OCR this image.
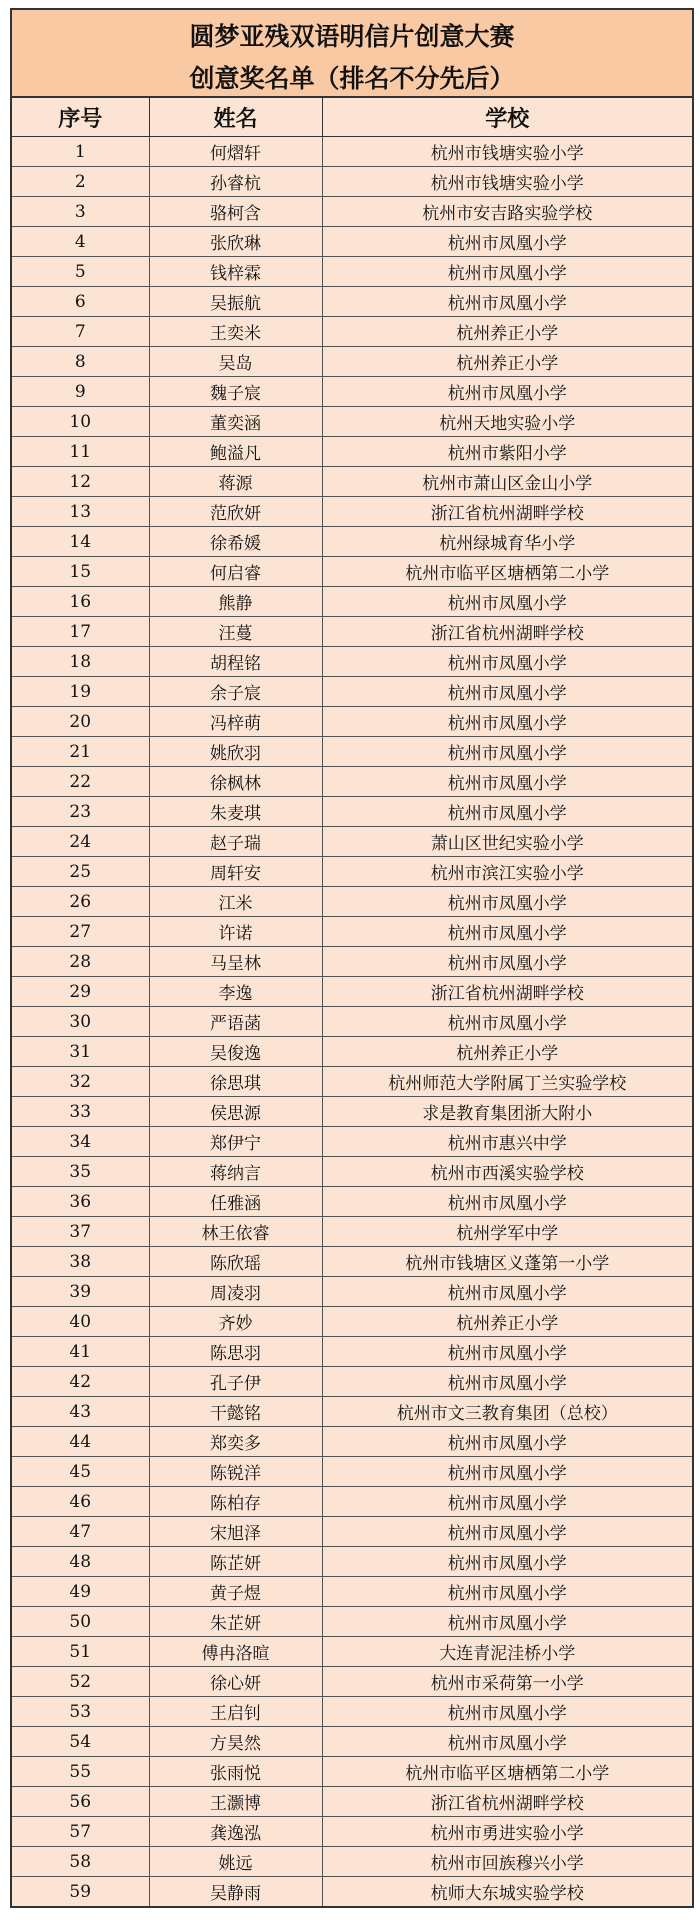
圆梦亚残双语明信片创意大赛
创意奖名单（排名不分先后）
序号	姓名	学校
1	何熠轩	杭州市钱塘实验小学
2	孙睿杭	杭州市钱塘实验小学
3	骆柯含	杭州市安吉路实验学校
4	张欣琳	杭州市凤凰小学
5	钱梓霖	杭州市凤凰小学
6	吴振航	杭州市凤凰小学
7	王奕米	杭州养正小学
8	吴岛	杭州养正小学
9	魏子宸	杭州市凤凰小学
10	董奕涵	杭州天地实验小学
11	鲍溢凡	杭州市紫阳小学
12	蒋源	杭州市萧山区金山小学
13	范欣妍	浙江省杭州湖畔学校
14	徐希媛	杭州绿城育华小学
15	何启睿	杭州市临平区塘栖第二小学
16	熊静	杭州市凤凰小学
17	汪蔓	浙江省杭州湖畔学校
18	胡程铭	杭州市凤凰小学
19	余子宸	杭州市凤凰小学
20	冯梓萌	杭州市凤凰小学
21	姚欣羽	杭州市凤凰小学
22	徐枫林	杭州市凤凰小学
23	朱麦琪	杭州市凤凰小学
24	赵子瑞	萧山区世纪实验小学
25	周轩安	杭州市滨江实验小学
26	江米	杭州市凤凰小学
27	许诺	杭州市凤凰小学
28	马呈林	杭州市凤凰小学
29	李逸	浙江省杭州湖畔学校
30	严语菡	杭州市凤凰小学
31	吴俊逸	杭州养正小学
32	徐思琪	杭州师范大学附属丁兰实验学校
33	侯思源	求是教育集团浙大附小
34	郑伊宁	杭州市惠兴中学
35	蒋纳言	杭州市西溪实验学校
36	任雅涵	杭州市凤凰小学
37	林王依睿	杭州学军中学
38	陈欣瑶	杭州市钱塘区义蓬第一小学
39	周凌羽	杭州市凤凰小学
40	齐妙	杭州养正小学
41	陈思羽	杭州市凤凰小学
42	孔子伊	杭州市凤凰小学
43	干懿铭	杭州市文三教育集团（总校）
44	郑奕多	杭州市凤凰小学
45	陈锐洋	杭州市凤凰小学
46	陈柏存	杭州市凤凰小学
47	宋旭泽	杭州市凤凰小学
48	陈芷妍	杭州市凤凰小学
49	黄子煜	杭州市凤凰小学
50	朱芷妍	杭州市凤凰小学
51	傅冉洛暄	大连青泥洼桥小学
52	徐心妍	杭州市采荷第一小学
53	王启钊	杭州市凤凰小学
54	方昊然	杭州市凤凰小学
55	张雨悦	杭州市临平区塘栖第二小学
56	王灏博	浙江省杭州湖畔学校
57	龚逸泓	杭州市勇进实验小学
58	姚远	杭州市回族穆兴小学
59	吴静雨	杭师大东城实验学校
